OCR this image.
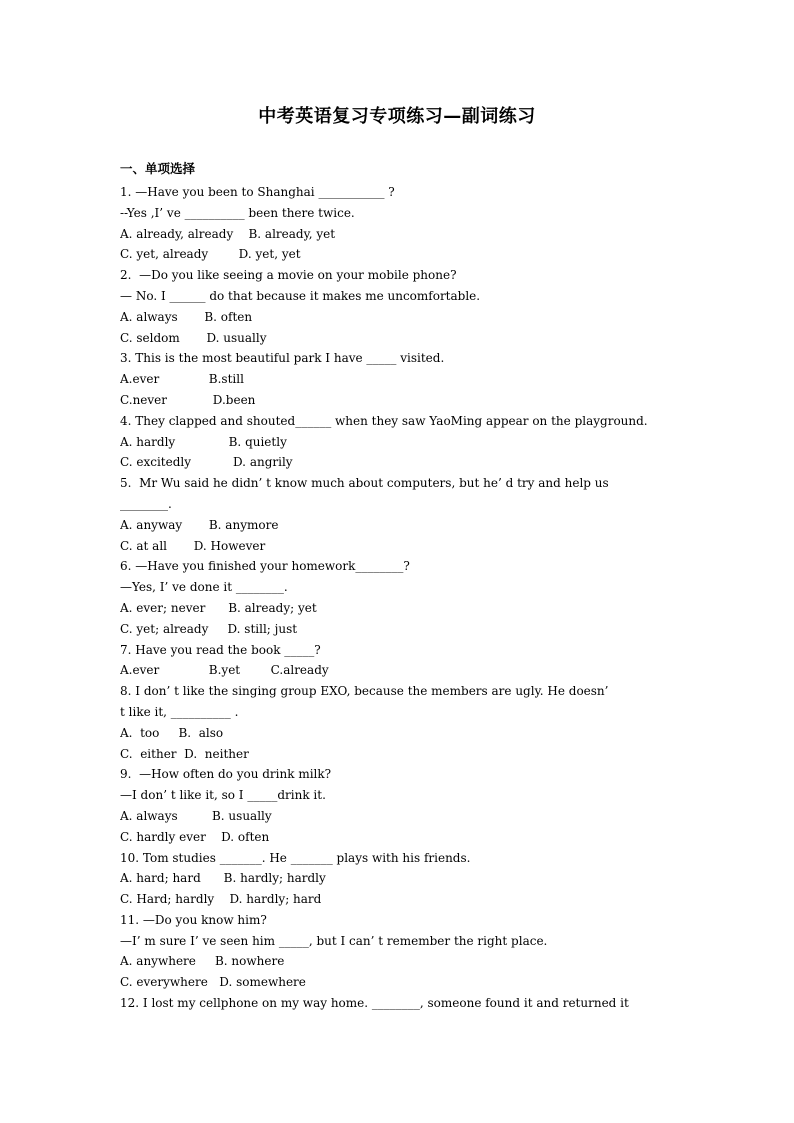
中考英语复习专项练习—副词练习
一、单项选择
1. —Have you been to Shanghai ___________ ?
--Yes ,I’ ve __________ been there twice.
A. already, already    B. already, yet
C. yet, already        D. yet, yet
2.  —Do you like seeing a movie on your mobile phone?
— No. I ______ do that because it makes me uncomfortable.
A. always       B. often
C. seldom       D. usually
3. This is the most beautiful park I have _____ visited.
A.ever             B.still
C.never            D.been
4. They clapped and shouted______ when they saw YaoMing appear on the playground.
A. hardly              B. quietly
C. excitedly           D. angrily
5.  Mr Wu said he didn’ t know much about computers, but he’ d try and help us
________.
A. anyway       B. anymore
C. at all       D. However
6. —Have you finished your homework________?
—Yes, I’ ve done it ________.
A. ever; never      B. already; yet
C. yet; already     D. still; just
7. Have you read the book _____?
A.ever             B.yet        C.already
8. I don’ t like the singing group EXO, because the members are ugly. He doesn’
t like it, __________ .
A.  too     B.  also
C.  either  D.  neither
9.  —How often do you drink milk?
—I don’ t like it, so I _____drink it.
A. always         B. usually
C. hardly ever    D. often
10. Tom studies _______. He _______ plays with his friends.
A. hard; hard      B. hardly; hardly
C. Hard; hardly    D. hardly; hard
11. —Do you know him?
—I’ m sure I’ ve seen him _____, but I can’ t remember the right place.
A. anywhere     B. nowhere
C. everywhere   D. somewhere
12. I lost my cellphone on my way home. ________, someone found it and returned it
